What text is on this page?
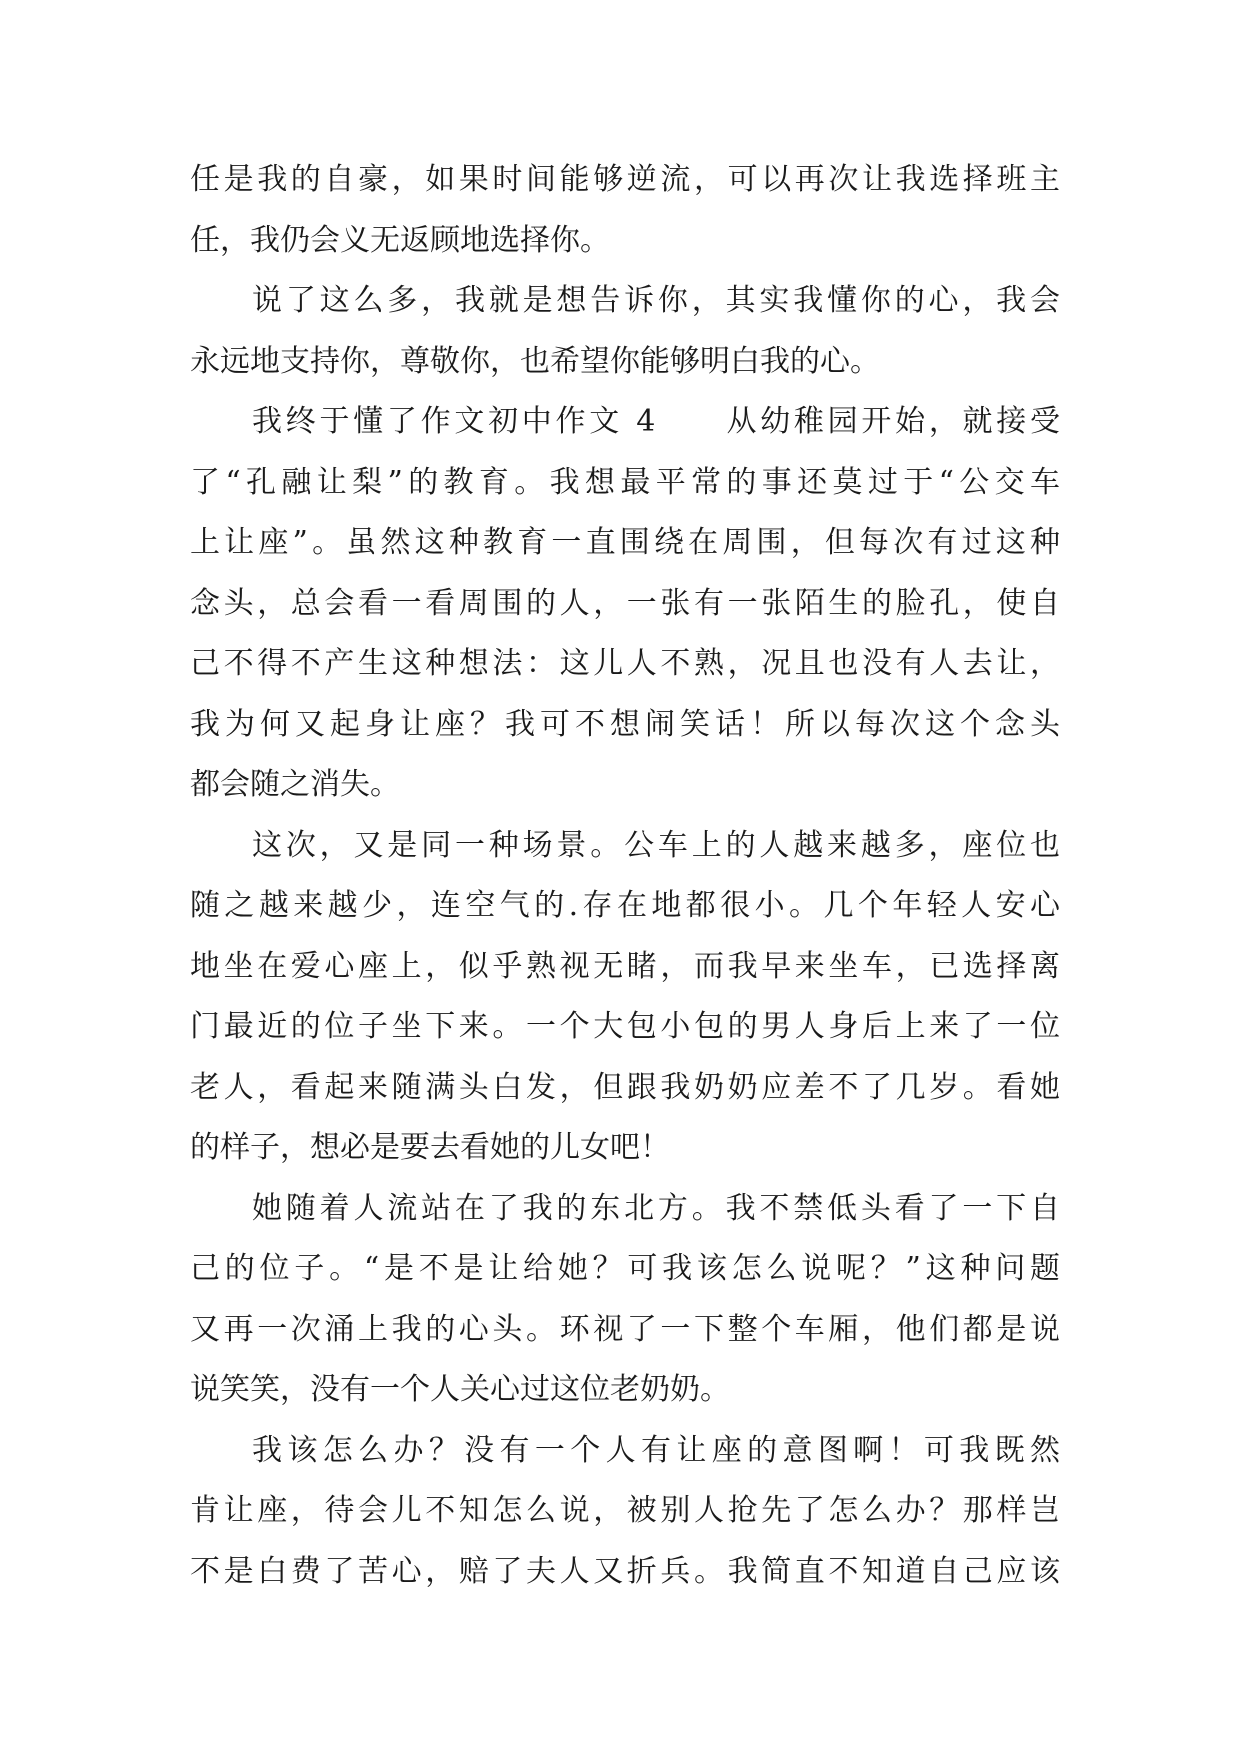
任是我的自豪，如果时间能够逆流，可以再次让我选择班主
任，我仍会义无返顾地选择你。
说了这么多，我就是想告诉你，其实我懂你的心，我会
永远地支持你，尊敬你，也希望你能够明白我的心。
我终于懂了作文初中作文 4　　从幼稚园开始，就接受
了“孔融让梨”的教育。我想最平常的事还莫过于“公交车
上让座”。虽然这种教育一直围绕在周围，但每次有过这种
念头，总会看一看周围的人，一张有一张陌生的脸孔，使自
己不得不产生这种想法：这儿人不熟，况且也没有人去让，
我为何又起身让座？我可不想闹笑话！所以每次这个念头
都会随之消失。
这次，又是同一种场景。公车上的人越来越多，座位也
随之越来越少，连空气的.存在地都很小。几个年轻人安心
地坐在爱心座上，似乎熟视无睹，而我早来坐车，已选择离
门最近的位子坐下来。一个大包小包的男人身后上来了一位
老人，看起来随满头白发，但跟我奶奶应差不了几岁。看她
的样子，想必是要去看她的儿女吧！
她随着人流站在了我的东北方。我不禁低头看了一下自
己的位子。“是不是让给她？可我该怎么说呢？”这种问题
又再一次涌上我的心头。环视了一下整个车厢，他们都是说
说笑笑，没有一个人关心过这位老奶奶。
我该怎么办？没有一个人有让座的意图啊！可我既然
肯让座，待会儿不知怎么说，被别人抢先了怎么办？那样岂
不是白费了苦心，赔了夫人又折兵。我简直不知道自己应该
